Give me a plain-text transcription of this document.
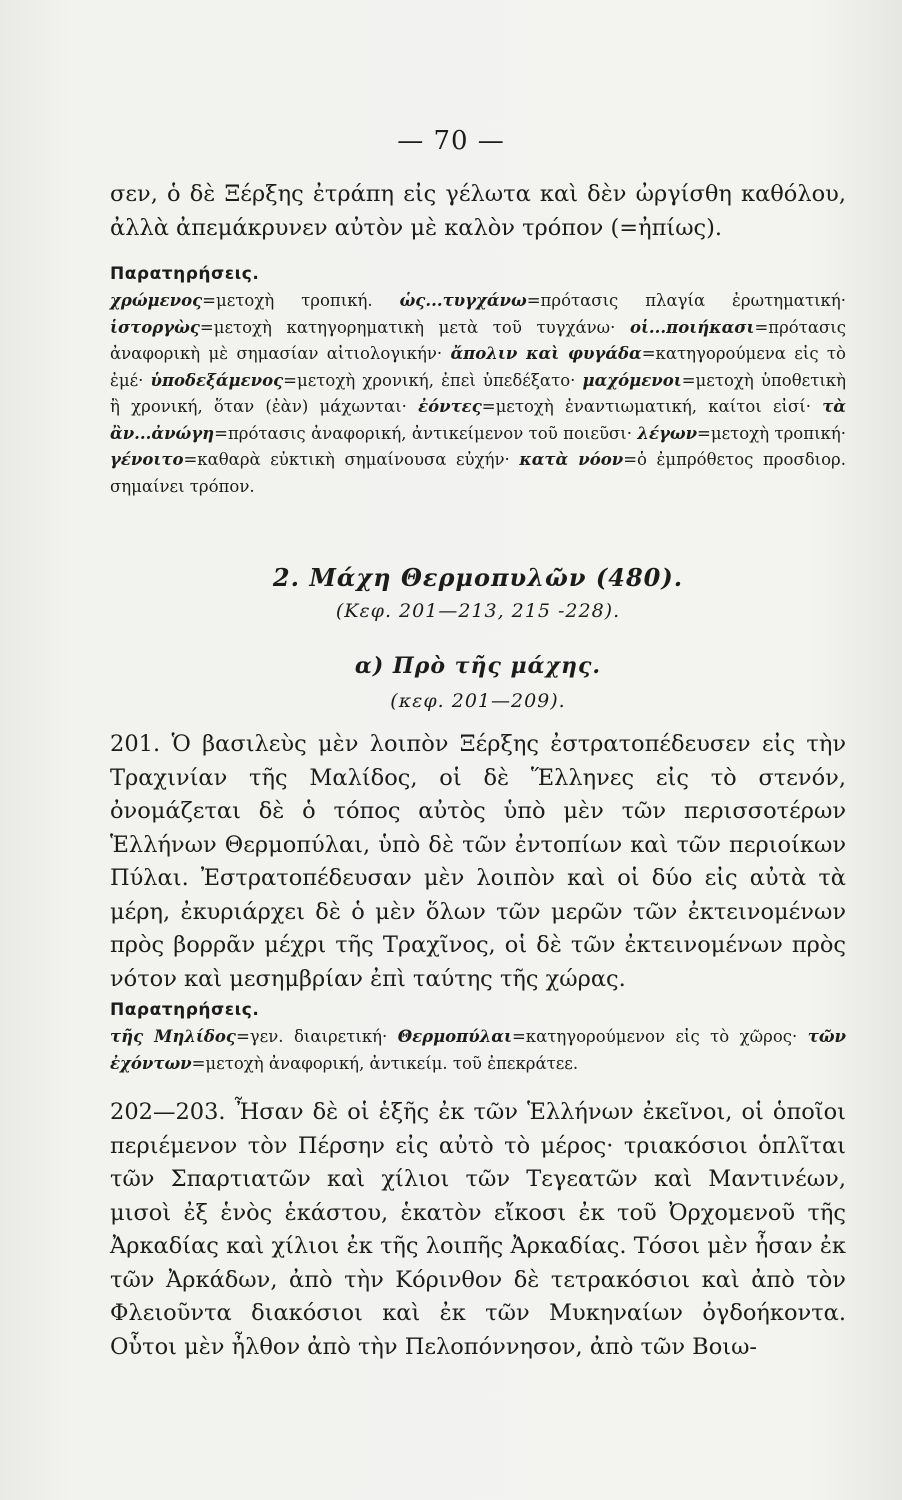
— 70 —
σεν, ὁ δὲ Ξέρξης ἐτράπη εἰς γέλωτα καὶ δὲν ὠργίσθη καθόλου, ἀλλὰ ἀπεμάκρυνεν αὐτὸν μὲ καλὸν τρόπον (=ἠπίως).
Παρατηρήσεις.
χρώμενος=μετοχὴ τροπική. ὡς...τυγχάνω=πρότασις πλαγία ἐρωτηματική· ἱστοργὼς=μετοχὴ κατηγορηματικὴ μετὰ τοῦ τυγχάνω· οἱ...ποιήκασι=πρότασις ἀναφορικὴ μὲ σημασίαν αἰτιολογικήν· ἄπολιν καὶ φυγάδα=κατηγορούμενα εἰς τὸ ἐμέ· ὑποδεξάμενος=μετοχὴ χρονική, ἐπεὶ ὑπεδέξατο· μαχόμενοι=μετοχὴ ὑποθετικὴ ἢ χρονική, ὅταν (ἐὰν) μάχωνται· ἐόντες=μετοχὴ ἐναντιωματική, καίτοι εἰσί· τὰ ἂν...ἀνώγη=πρότασις ἀναφορική, ἀντικείμενον τοῦ ποιεῦσι· λέγων=μετοχὴ τροπική· γένοιτο=καθαρὰ εὐκτικὴ σημαίνουσα εὐχήν· κατὰ νόον=ὁ ἐμπρόθετος προσδιορ. σημαίνει τρόπον.
2. Μάχη Θερμοπυλῶν (480).
(Κεφ. 201—213, 215 -228).
α) Πρὸ τῆς μάχης.
(κεφ. 201—209).
201. Ὁ βασιλεὺς μὲν λοιπὸν Ξέρξης ἐστρατοπέδευσεν εἰς τὴν Τραχινίαν τῆς Μαλίδος, οἱ δὲ Ἕλληνες εἰς τὸ στενόν, ὀνομάζεται δὲ ὁ τόπος αὐτὸς ὑπὸ μὲν τῶν περισσοτέρων Ἑλλήνων Θερμοπύλαι, ὑπὸ δὲ τῶν ἐντοπίων καὶ τῶν περιοίκων Πύλαι. Ἐστρατοπέδευσαν μὲν λοιπὸν καὶ οἱ δύο εἰς αὐτὰ τὰ μέρη, ἐκυριάρχει δὲ ὁ μὲν ὅλων τῶν μερῶν τῶν ἐκτεινομένων πρὸς βορρᾶν μέχρι τῆς Τραχῖνος, οἱ δὲ τῶν ἐκτεινομένων πρὸς νότον καὶ μεσημβρίαν ἐπὶ ταύτης τῆς χώρας.
Παρατηρήσεις.
τῆς Μηλίδος=γεν. διαιρετική· Θερμοπύλαι=κατηγορούμενον εἰς τὸ χῶρος· τῶν ἐχόντων=μετοχὴ ἀναφορική, ἀντικείμ. τοῦ ἐπεκράτεε.
202—203. Ἦσαν δὲ οἱ ἑξῆς ἐκ τῶν Ἑλλήνων ἐκεῖνοι, οἱ ὁποῖοι περιέμενον τὸν Πέρσην εἰς αὐτὸ τὸ μέρος· τριακόσιοι ὁπλῖται τῶν Σπαρτιατῶν καὶ χίλιοι τῶν Τεγεατῶν καὶ Μαντινέων, μισοὶ ἐξ ἑνὸς ἑκάστου, ἑκατὸν εἴκοσι ἐκ τοῦ Ὀρχομενοῦ τῆς Ἀρκαδίας καὶ χίλιοι ἐκ τῆς λοιπῆς Ἀρκαδίας. Τόσοι μὲν ἦσαν ἐκ τῶν Ἀρκάδων, ἀπὸ τὴν Κόρινθον δὲ τετρακόσιοι καὶ ἀπὸ τὸν Φλειοῦντα διακόσιοι καὶ ἐκ τῶν Μυκηναίων ὀγδοήκοντα. Οὗτοι μὲν ἦλθον ἀπὸ τὴν Πελοπόννησον, ἀπὸ τῶν Βοιω-
